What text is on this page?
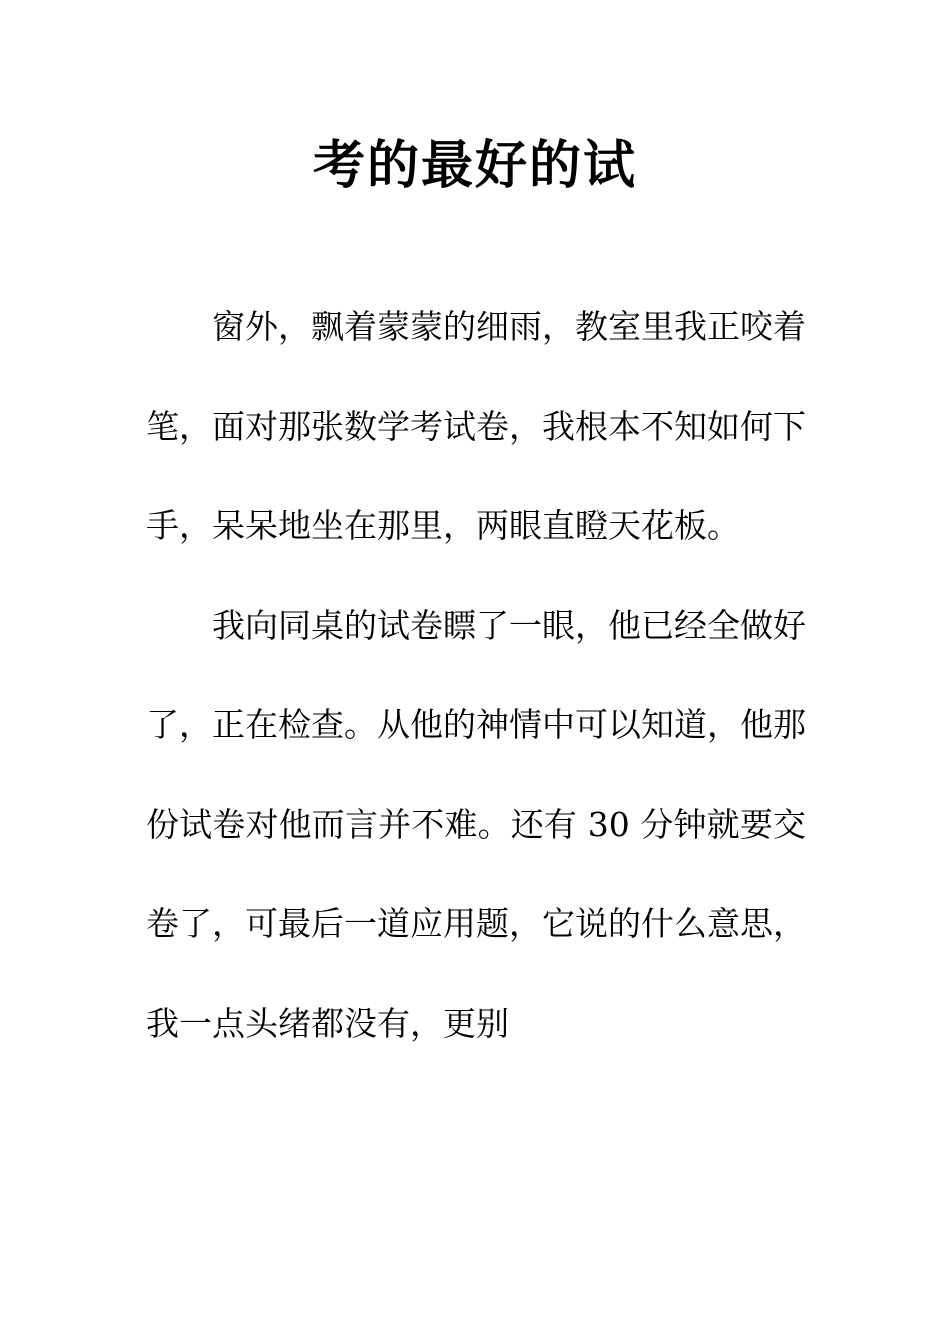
考的最好的试

窗外，飘着蒙蒙的细雨，教室里我正咬着笔，面对那张数学考试卷，我根本不知如何下手，呆呆地坐在那里，两眼直瞪天花板。

我向同桌的试卷瞟了一眼，他已经全做好了，正在检查。从他的神情中可以知道，他那份试卷对他而言并不难。还有 30 分钟就要交卷了，可最后一道应用题，它说的什么意思，我一点头绪都没有，更别
